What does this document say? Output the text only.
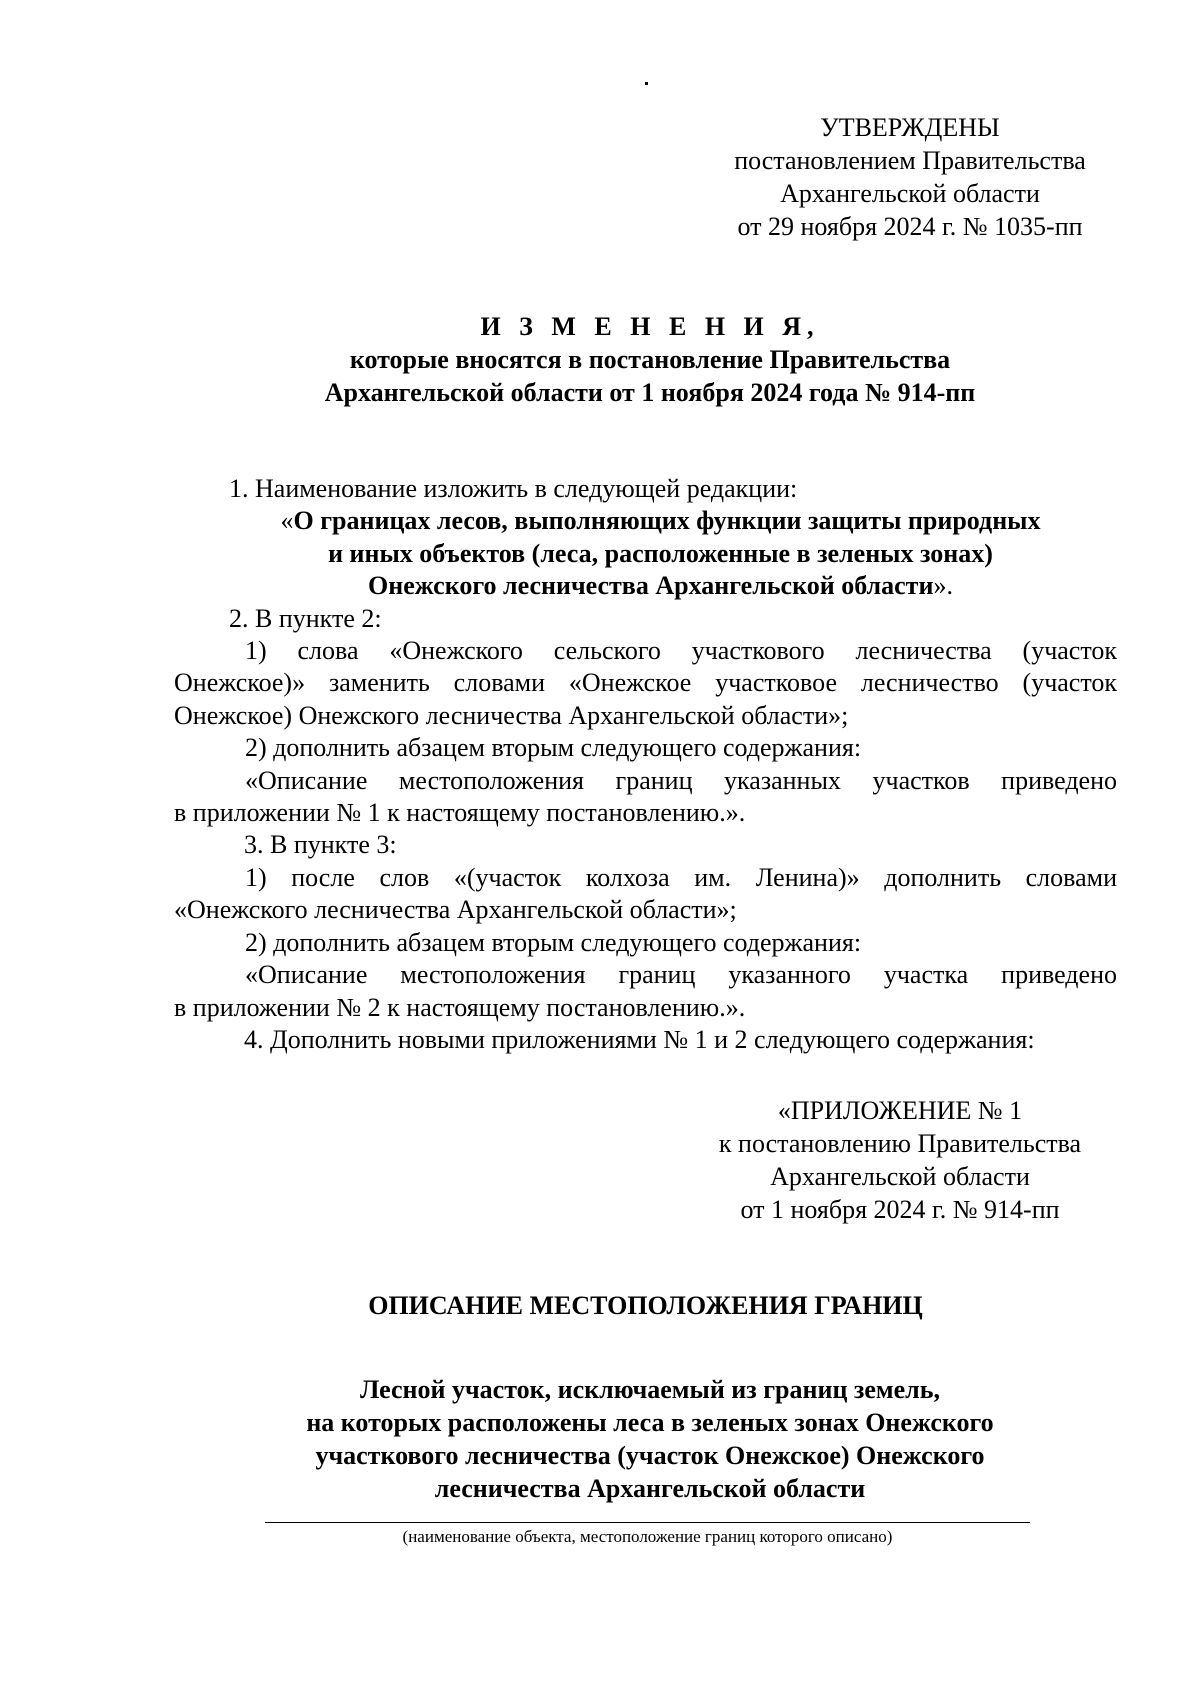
УТВЕРЖДЕНЫ
постановлением Правительства
Архангельской области
от 29 ноября 2024 г. № 1035-пп
И З М Е Н Е Н И Я,
которые вносятся в постановление Правительства
Архангельской области от 1 ноября 2024 года № 914-пп
1. Наименование изложить в следующей редакции:
«О границах лесов, выполняющих функции защиты природных
и иных объектов (леса, расположенные в зеленых зонах)
Онежского лесничества Архангельской области».
2. В пункте 2:
1) слова «Онежского сельского участкового лесничества (участок
Онежское)» заменить словами «Онежское участковое лесничество (участок
Онежское) Онежского лесничества Архангельской области»;
2) дополнить абзацем вторым следующего содержания:
«Описание местоположения границ указанных участков приведено
в приложении № 1 к настоящему постановлению.».
3. В пункте 3:
1) после слов «(участок колхоза им. Ленина)» дополнить словами
«Онежского лесничества Архангельской области»;
2) дополнить абзацем вторым следующего содержания:
«Описание местоположения границ указанного участка приведено
в приложении № 2 к настоящему постановлению.».
4. Дополнить новыми приложениями № 1 и 2 следующего содержания:
«ПРИЛОЖЕНИЕ № 1
к постановлению Правительства
Архангельской области
от 1 ноября 2024 г. № 914-пп
ОПИСАНИЕ МЕСТОПОЛОЖЕНИЯ ГРАНИЦ
Лесной участок, исключаемый из границ земель,
на которых расположены леса в зеленых зонах Онежского
участкового лесничества (участок Онежское) Онежского
лесничества Архангельской области
(наименование объекта, местоположение границ которого описано)
